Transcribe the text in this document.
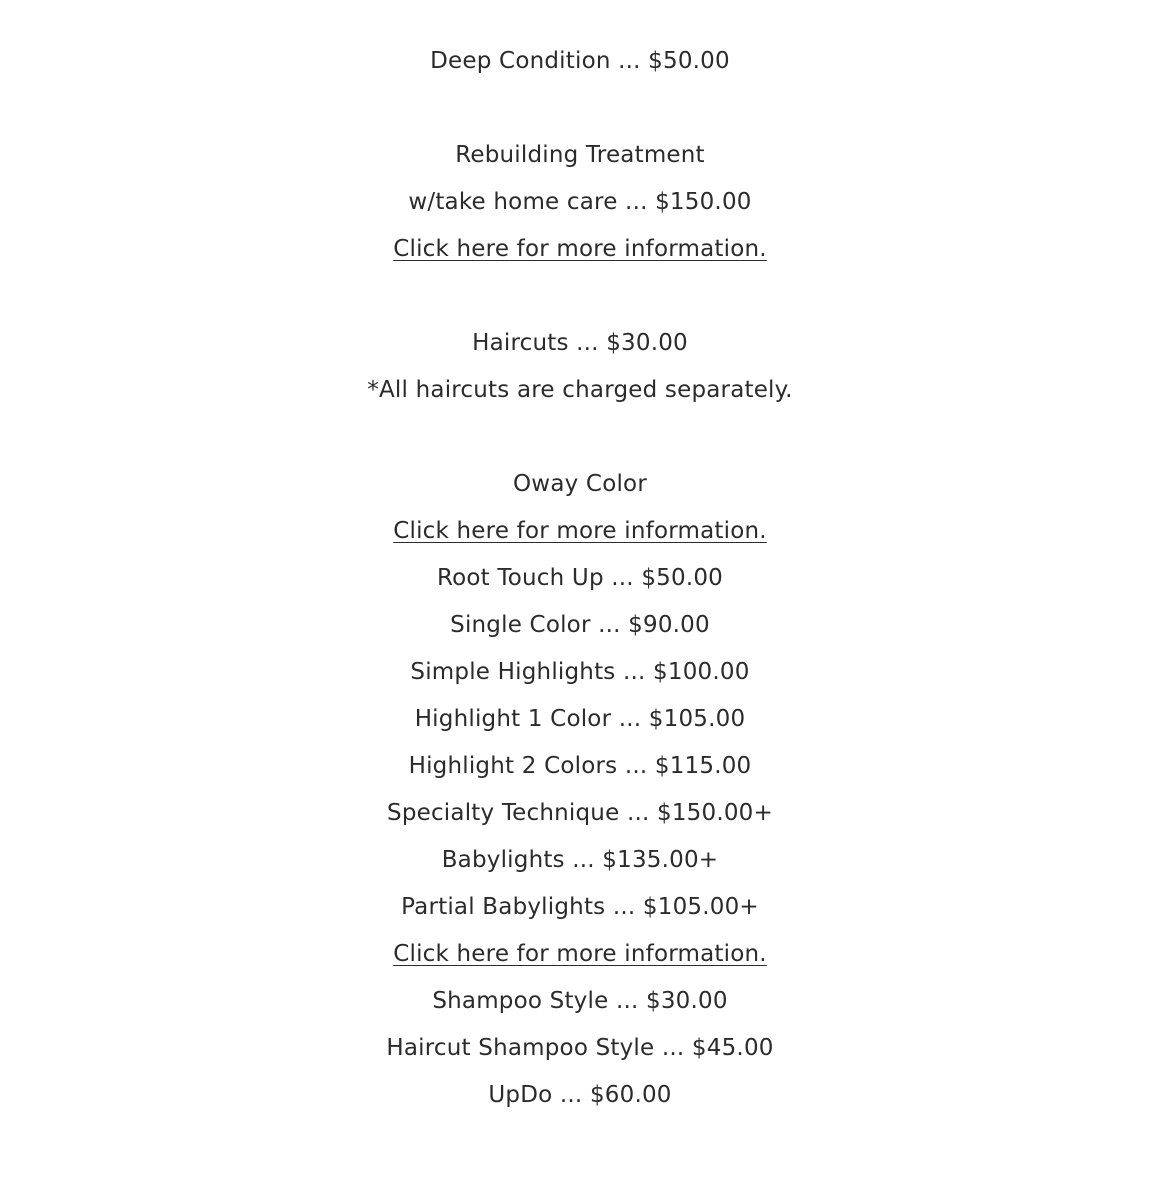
Deep Condition ... $50.00
Rebuilding Treatment
w/take home care ... $150.00
Click here for more information.
Haircuts ... $30.00
*All haircuts are charged separately.
Oway Color
Click here for more information.
Root Touch Up ... $50.00
Single Color ... $90.00
Simple Highlights ... $100.00
Highlight 1 Color ... $105.00
Highlight 2 Colors ... $115.00
Specialty Technique ... $150.00+
Babylights ... $135.00+
Partial Babylights ... $105.00+
Click here for more information.
Shampoo Style ... $30.00
Haircut Shampoo Style ... $45.00
UpDo ... $60.00
